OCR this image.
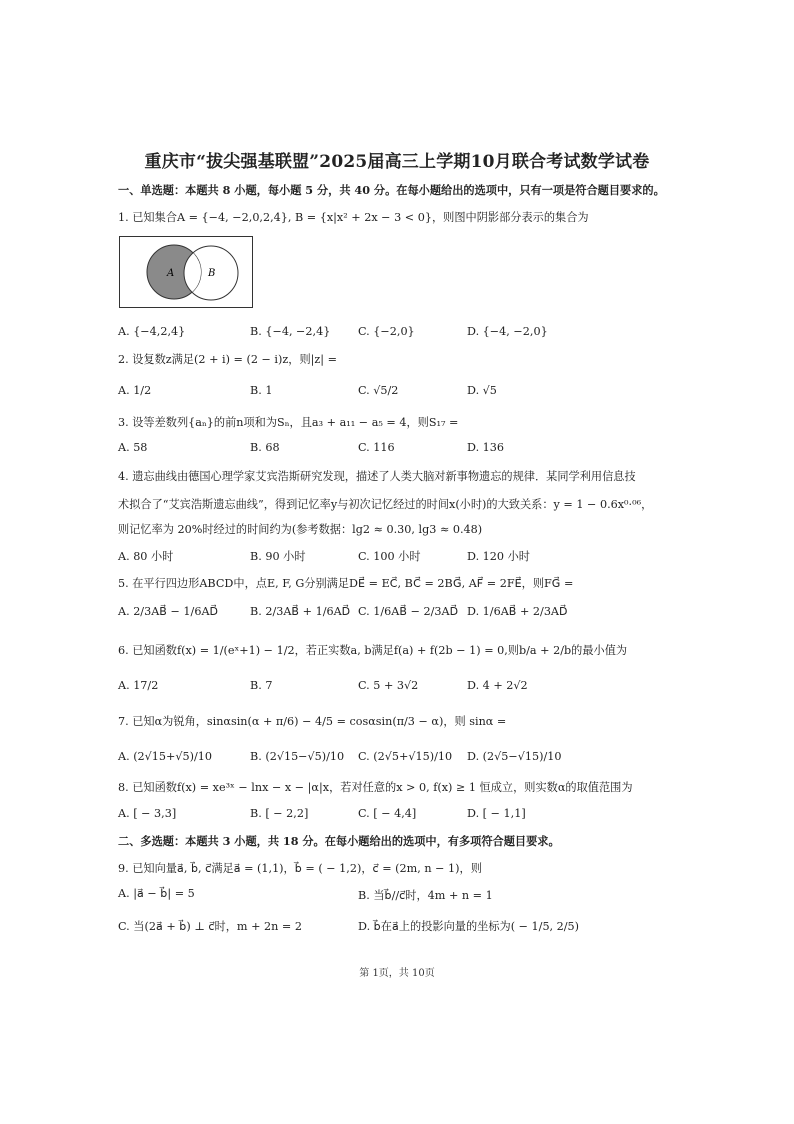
重庆市“拔尖强基联盟”2025届高三上学期10月联合考试数学试卷
一、单选题：本题共 8 小题，每小题 5 分，共 40 分。在每小题给出的选项中，只有一项是符合题目要求的。
1. 已知集合A = {−4, −2,0,2,4}, B = {x|x² + 2x − 3 < 0}，则图中阴影部分表示的集合为
A	B
A. {−4,2,4}	B. {−4, −2,4} C. {−2,0}	D. {−4, −2,0}
2. 设复数z满足(2 + i) = (2 − i)z，则|z| =
A. 1/2	B. 1	C. √5/2	D. √5
3. 设等差数列{aₙ}的前n项和为Sₙ，且a₃ + a₁₁ − a₅ = 4，则S₁₇ =
A. 58	B. 68	C. 116	D. 136
4. 遗忘曲线由德国心理学家艾宾浩斯研究发现，描述了人类大脑对新事物遗忘的规律．某同学利用信息技
术拟合了“艾宾浩斯遗忘曲线”，得到记忆率y与初次记忆经过的时间x(小时)的大致关系：y = 1 − 0.6x⁰·⁰⁶，
则记忆率为 20%时经过的时间约为(参考数据：lg2 ≈ 0.30, lg3 ≈ 0.48)
A. 80 小时	B. 90 小时	C. 100 小时	D. 120 小时
5. 在平行四边形ABCD中，点E, F, G分别满足DE⃗ = EC⃗, BC⃗ = 2BG⃗, AF⃗ = 2FE⃗，则FG⃗ =
A. 2/3AB⃗ − 1/6AD⃗	B. 2/3AB⃗ + 1/6AD⃗ C. 1/6AB⃗ − 2/3AD⃗ D. 1/6AB⃗ + 2/3AD⃗
6. 已知函数f(x) = 1/(eˣ+1) − 1/2，若正实数a, b满足f(a) + f(2b − 1) = 0,则b/a + 2/b的最小值为
A. 17/2	B. 7	C. 5 + 3√2	D. 4 + 2√2
7. 已知α为锐角，sinαsin(α + π/6) − 4/5 = cosαsin(π/3 − α)，则 sinα =
A. (2√15+√5)/10	B. (2√15−√5)/10 C. (2√5+√15)/10 D. (2√5−√15)/10
8. 已知函数f(x) = xe³ˣ − lnx − x − |α|x，若对任意的x > 0, f(x) ≥ 1 恒成立，则实数α的取值范围为
A. [ − 3,3]	B. [ − 2,2]	C. [ − 4,4]	D. [ − 1,1]
二、多选题：本题共 3 小题，共 18 分。在每小题给出的选项中，有多项符合题目要求。
9. 已知向量a⃗, b⃗, c⃗满足a⃗ = (1,1)，b⃗ = ( − 1,2)，c⃗ = (2m, n − 1)，则
A. |a⃗ − b⃗| = 5	B. 当b⃗//c⃗时，4m + n = 1
C. 当(2a⃗ + b⃗) ⊥ c⃗时，m + 2n = 2	D. b⃗在a⃗上的投影向量的坐标为( − 1/5, 2/5)
第 1页，共 10页
